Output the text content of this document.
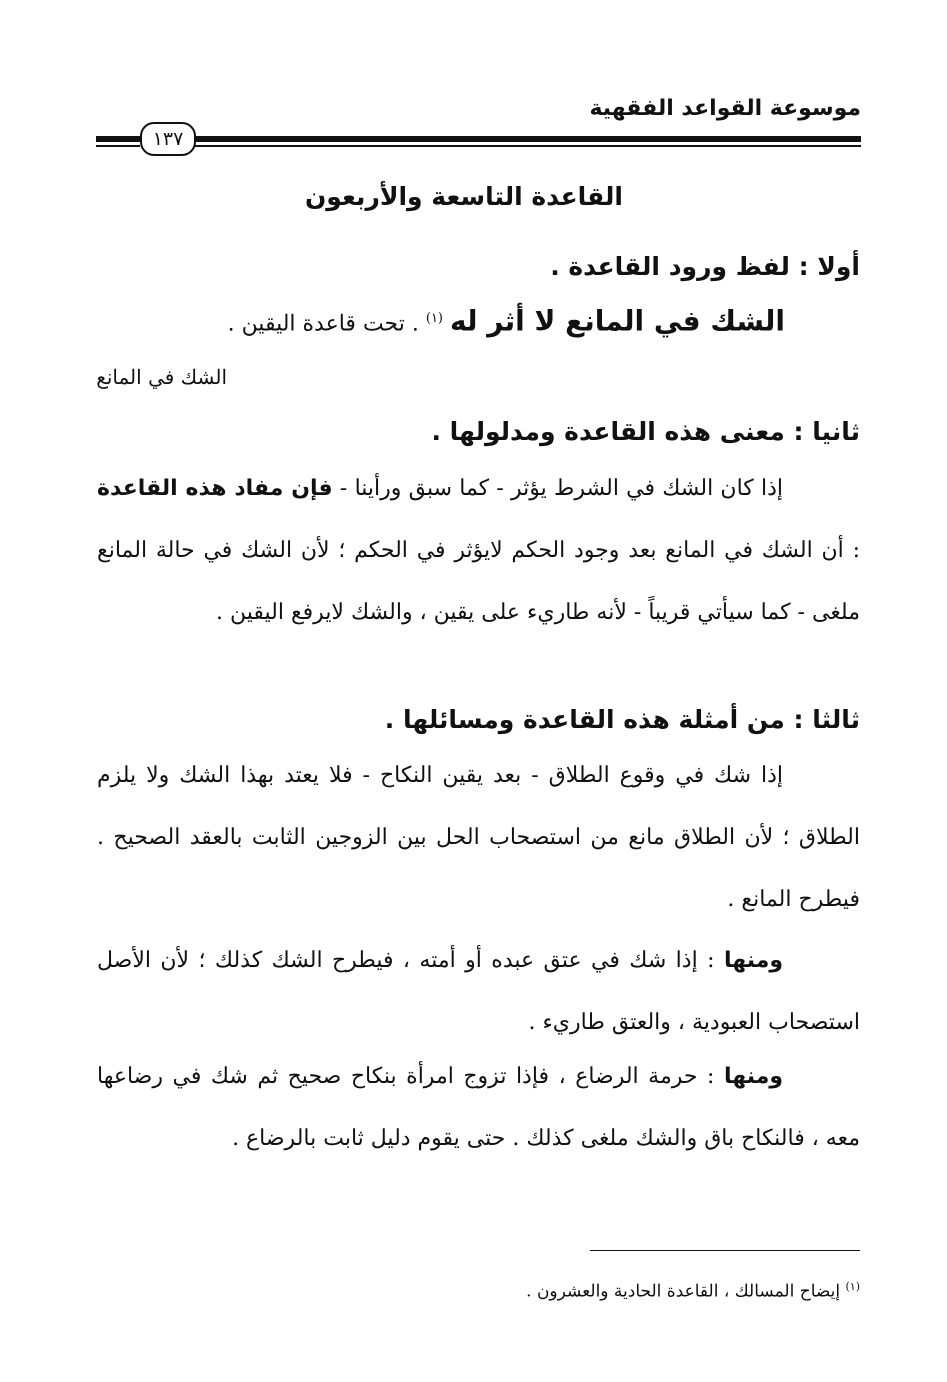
موسوعة القواعد الفقهية
١٣٧
القاعدة التاسعة والأربعون
أولا : لفظ ورود القاعدة .
الشك في المانع لا أثر له $^{(١)}$ . تحت قاعدة اليقين .
الشك في المانع
ثانيا : معنى هذه القاعدة ومدلولها .
إذا كان الشك في الشرط يؤثر - كما سبق ورأينا - فإن مفاد هذه القاعدة : أن الشك في المانع بعد وجود الحكم لايؤثر في الحكم ؛ لأن الشك في حالة المانع ملغى - كما سيأتي قريباً - لأنه طاريء على يقين ، والشك لايرفع اليقين .
ثالثا : من أمثلة هذه القاعدة ومسائلها .
إذا شك في وقوع الطلاق - بعد يقين النكاح - فلا يعتد بهذا الشك ولا يلزم الطلاق ؛ لأن الطلاق مانع من استصحاب الحل بين الزوجين الثابت بالعقد الصحيح . فيطرح المانع .
ومنها : إذا شك في عتق عبده أو أمته ، فيطرح الشك كذلك ؛ لأن الأصل استصحاب العبودية ، والعتق طاريء .
ومنها : حرمة الرضاع ، فإذا تزوج امرأة بنكاح صحيح ثم شك في رضاعها معه ، فالنكاح باق والشك ملغى كذلك . حتى يقوم دليل ثابت بالرضاع .
$^{(١)}$ إيضاح المسالك ، القاعدة الحادية والعشرون .
